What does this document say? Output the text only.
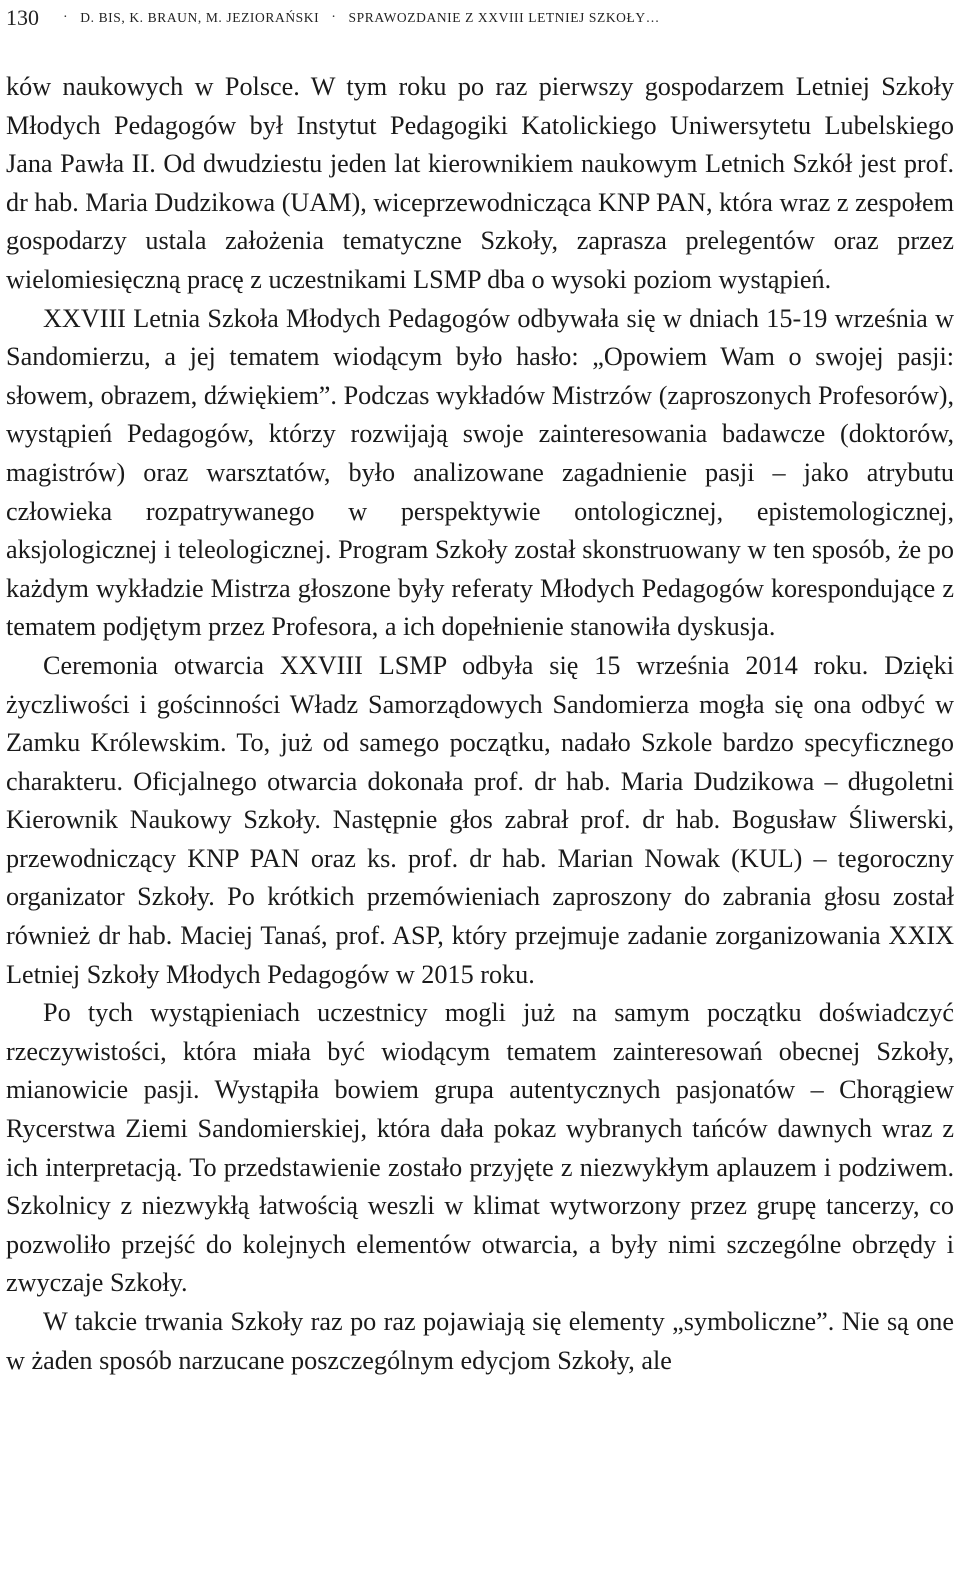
130 · D. BIS, K. BRAUN, M. JEZIORAŃSKI · SPRAWOZDANIE Z XXVIII LETNIEJ SZKOŁY…

ków naukowych w Polsce. W tym roku po raz pierwszy gospodarzem Letniej Szkoły Młodych Pedagogów był Instytut Pedagogiki Katolickiego Uniwersytetu Lubelskiego Jana Pawła II. Od dwudziestu jeden lat kierownikiem naukowym Letnich Szkół jest prof. dr hab. Maria Dudzikowa (UAM), wiceprzewodnicząca KNP PAN, która wraz z zespołem gospodarzy ustala założenia tematyczne Szkoły, zaprasza prelegentów oraz przez wielomiesięczną pracę z uczestnikami LSMP dba o wysoki poziom wystąpień.

XXVIII Letnia Szkoła Młodych Pedagogów odbywała się w dniach 15-19 września w Sandomierzu, a jej tematem wiodącym było hasło: „Opowiem Wam o swojej pasji: słowem, obrazem, dźwiękiem”. Podczas wykładów Mistrzów (zaproszonych Profesorów), wystąpień Pedagogów, którzy rozwijają swoje zainteresowania badawcze (doktorów, magistrów) oraz warsztatów, było analizowane zagadnienie pasji – jako atrybutu człowieka rozpatrywanego w perspektywie ontologicznej, epistemologicznej, aksjologicznej i teleologicznej. Program Szkoły został skonstruowany w ten sposób, że po każdym wykładzie Mistrza głoszone były referaty Młodych Pedagogów korespondujące z tematem podjętym przez Profesora, a ich dopełnienie stanowiła dyskusja.

Ceremonia otwarcia XXVIII LSMP odbyła się 15 września 2014 roku. Dzięki życzliwości i gościnności Władz Samorządowych Sandomierza mogła się ona odbyć w Zamku Królewskim. To, już od samego początku, nadało Szkole bardzo specyficznego charakteru. Oficjalnego otwarcia dokonała prof. dr hab. Maria Dudzikowa – długoletni Kierownik Naukowy Szkoły. Następnie głos zabrał prof. dr hab. Bogusław Śliwerski, przewodniczący KNP PAN oraz ks. prof. dr hab. Marian Nowak (KUL) – tegoroczny organizator Szkoły. Po krótkich przemówieniach zaproszony do zabrania głosu został również dr hab. Maciej Tanaś, prof. ASP, który przejmuje zadanie zorganizowania XXIX Letniej Szkoły Młodych Pedagogów w 2015 roku.

Po tych wystąpieniach uczestnicy mogli już na samym początku doświadczyć rzeczywistości, która miała być wiodącym tematem zainteresowań obecnej Szkoły, mianowicie pasji. Wystąpiła bowiem grupa autentycznych pasjonatów – Chorągiew Rycerstwa Ziemi Sandomierskiej, która dała pokaz wybranych tańców dawnych wraz z ich interpretacją. To przedstawienie zostało przyjęte z niezwykłym aplauzem i podziwem. Szkolnicy z niezwykłą łatwością weszli w klimat wytworzony przez grupę tancerzy, co pozwoliło przejść do kolejnych elementów otwarcia, a były nimi szczególne obrzędy i zwyczaje Szkoły.

W takcie trwania Szkoły raz po raz pojawiają się elementy „symboliczne”. Nie są one w żaden sposób narzucane poszczególnym edycjom Szkoły, ale
